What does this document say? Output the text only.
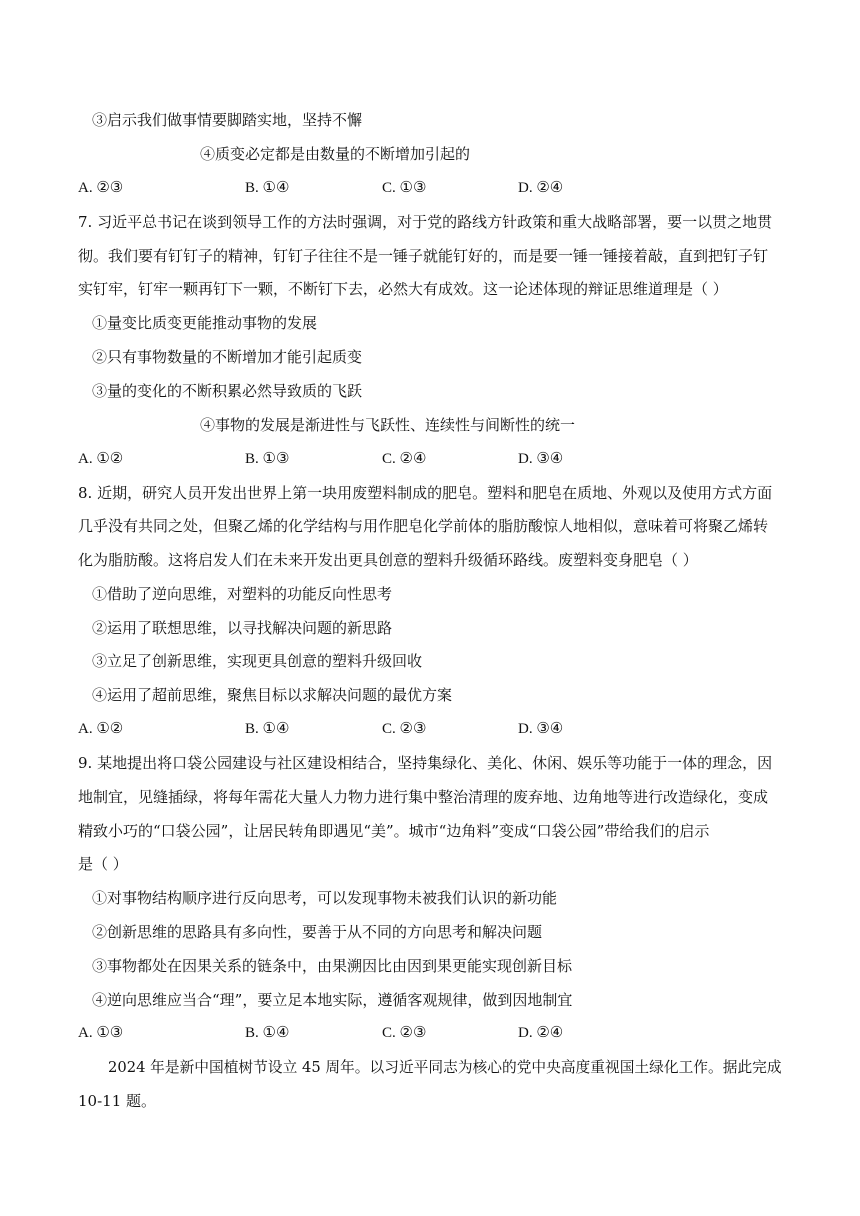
③启示我们做事情要脚踏实地，坚持不懈
④质变必定都是由数量的不断增加引起的
A. ②③	B. ①④	C. ①③	D. ②④
7. 习近平总书记在谈到领导工作的方法时强调，对于党的路线方针政策和重大战略部署，要一以贯之地贯
彻。我们要有钉钉子的精神，钉钉子往往不是一锤子就能钉好的，而是要一锤一锤接着敲，直到把钉子钉
实钉牢，钉牢一颗再钉下一颗，不断钉下去，必然大有成效。这一论述体现的辩证思维道理是（ ）
①量变比质变更能推动事物的发展
②只有事物数量的不断增加才能引起质变
③量的变化的不断积累必然导致质的飞跃
④事物的发展是渐进性与飞跃性、连续性与间断性的统一
A. ①②	B. ①③	C. ②④	D. ③④
8. 近期，研究人员开发出世界上第一块用废塑料制成的肥皂。塑料和肥皂在质地、外观以及使用方式方面
几乎没有共同之处，但聚乙烯的化学结构与用作肥皂化学前体的脂肪酸惊人地相似，意味着可将聚乙烯转
化为脂肪酸。这将启发人们在未来开发出更具创意的塑料升级循环路线。废塑料变身肥皂（ ）
①借助了逆向思维，对塑料的功能反向性思考
②运用了联想思维，以寻找解决问题的新思路
③立足了创新思维，实现更具创意的塑料升级回收
④运用了超前思维，聚焦目标以求解决问题的最优方案
A. ①②	B. ①④	C. ②③	D. ③④
9. 某地提出将口袋公园建设与社区建设相结合，坚持集绿化、美化、休闲、娱乐等功能于一体的理念，因
地制宜，见缝插绿，将每年需花大量人力物力进行集中整治清理的废弃地、边角地等进行改造绿化，变成
精致小巧的“口袋公园”，让居民转角即遇见“美”。城市“边角料”变成“口袋公园”带给我们的启示
是（ ）
①对事物结构顺序进行反向思考，可以发现事物未被我们认识的新功能
②创新思维的思路具有多向性，要善于从不同的方向思考和解决问题
③事物都处在因果关系的链条中，由果溯因比由因到果更能实现创新目标
④逆向思维应当合“理”，要立足本地实际，遵循客观规律，做到因地制宜
A. ①③	B. ①④	C. ②③	D. ②④
2024 年是新中国植树节设立 45 周年。以习近平同志为核心的党中央高度重视国土绿化工作。据此完成
10-11 题。
